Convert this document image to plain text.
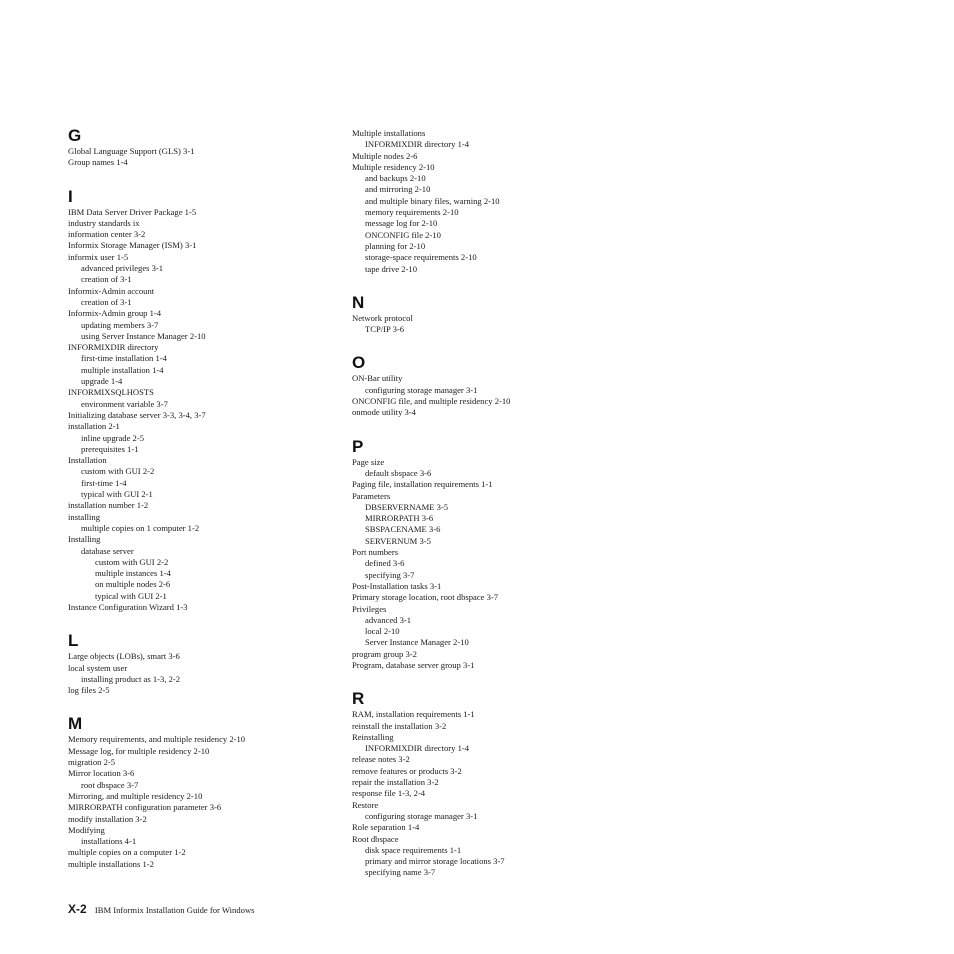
G
Global Language Support (GLS) 3-1
Group names 1-4
I
IBM Data Server Driver Package 1-5
industry standards ix
information center 3-2
Informix Storage Manager (ISM) 3-1
informix user 1-5
advanced privileges 3-1
creation of 3-1
Informix-Admin account
creation of 3-1
Informix-Admin group 1-4
updating members 3-7
using Server Instance Manager 2-10
INFORMIXDIR directory
first-time installation 1-4
multiple installation 1-4
upgrade 1-4
INFORMIXSQLHOSTS
environment variable 3-7
Initializing database server 3-3, 3-4, 3-7
installation 2-1
inline upgrade 2-5
prerequisites 1-1
Installation
custom with GUI 2-2
first-time 1-4
typical with GUI 2-1
installation number 1-2
installing
multiple copies on 1 computer 1-2
Installing
database server
custom with GUI 2-2
multiple instances 1-4
on multiple nodes 2-6
typical with GUI 2-1
Instance Configuration Wizard 1-3
L
Large objects (LOBs), smart 3-6
local system user
installing product as 1-3, 2-2
log files 2-5
M
Memory requirements, and multiple residency 2-10
Message log, for multiple residency 2-10
migration 2-5
Mirror location 3-6
root dbspace 3-7
Mirroring, and multiple residency 2-10
MIRRORPATH configuration parameter 3-6
modify installation 3-2
Modifying
installations 4-1
multiple copies on a computer 1-2
multiple installations 1-2
Multiple installations
INFORMIXDIR directory 1-4
Multiple nodes 2-6
Multiple residency 2-10
and backups 2-10
and mirroring 2-10
and multiple binary files, warning 2-10
memory requirements 2-10
message log for 2-10
ONCONFIG file 2-10
planning for 2-10
storage-space requirements 2-10
tape drive 2-10
N
Network protocol
TCP/IP 3-6
O
ON-Bar utility
configuring storage manager 3-1
ONCONFIG file, and multiple residency 2-10
onmode utility 3-4
P
Page size
default sbspace 3-6
Paging file, installation requirements 1-1
Parameters
DBSERVERNAME 3-5
MIRRORPATH 3-6
SBSPACENAME 3-6
SERVERNUM 3-5
Port numbers
defined 3-6
specifying 3-7
Post-Installation tasks 3-1
Primary storage location, root dbspace 3-7
Privileges
advanced 3-1
local 2-10
Server Instance Manager 2-10
program group 3-2
Program, database server group 3-1
R
RAM, installation requirements 1-1
reinstall the installation 3-2
Reinstalling
INFORMIXDIR directory 1-4
release notes 3-2
remove features or products 3-2
repair the installation 3-2
response file 1-3, 2-4
Restore
configuring storage manager 3-1
Role separation 1-4
Root dbspace
disk space requirements 1-1
primary and mirror storage locations 3-7
specifying name 3-7
X-2 IBM Informix Installation Guide for Windows
